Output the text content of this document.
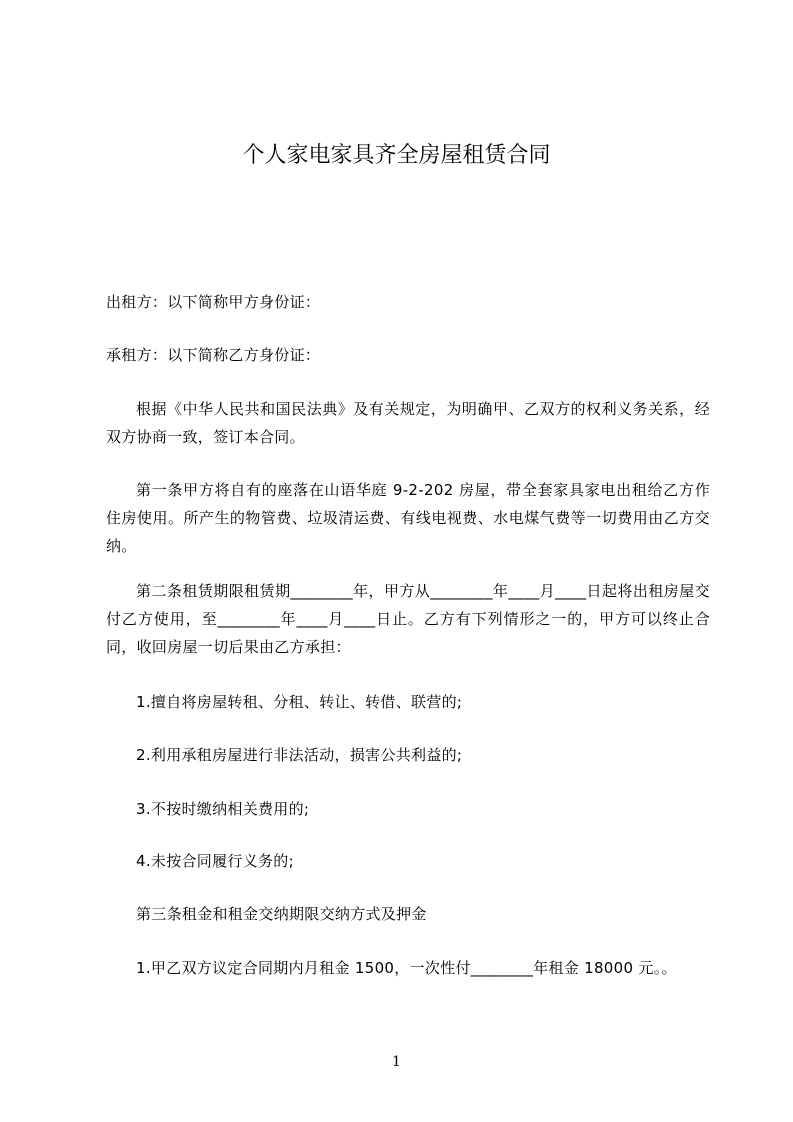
个人家电家具齐全房屋租赁合同

出租方：以下简称甲方身份证：

承租方：以下简称乙方身份证：

根据《中华人民共和国民法典》及有关规定，为明确甲、乙双方的权利义务关系，经双方协商一致，签订本合同。

第一条甲方将自有的座落在山语华庭 9-2-202 房屋，带全套家具家电出租给乙方作住房使用。所产生的物管费、垃圾清运费、有线电视费、水电煤气费等一切费用由乙方交纳。

第二条租赁期限租赁期________年，甲方从________年____月____日起将出租房屋交付乙方使用，至________年____月____日止。乙方有下列情形之一的，甲方可以终止合同，收回房屋一切后果由乙方承担：

1.擅自将房屋转租、分租、转让、转借、联营的;

2.利用承租房屋进行非法活动，损害公共利益的;

3.不按时缴纳相关费用的;

4.未按合同履行义务的;

第三条租金和租金交纳期限交纳方式及押金

1.甲乙双方议定合同期内月租金 1500，一次性付________年租金 18000 元。。

1
